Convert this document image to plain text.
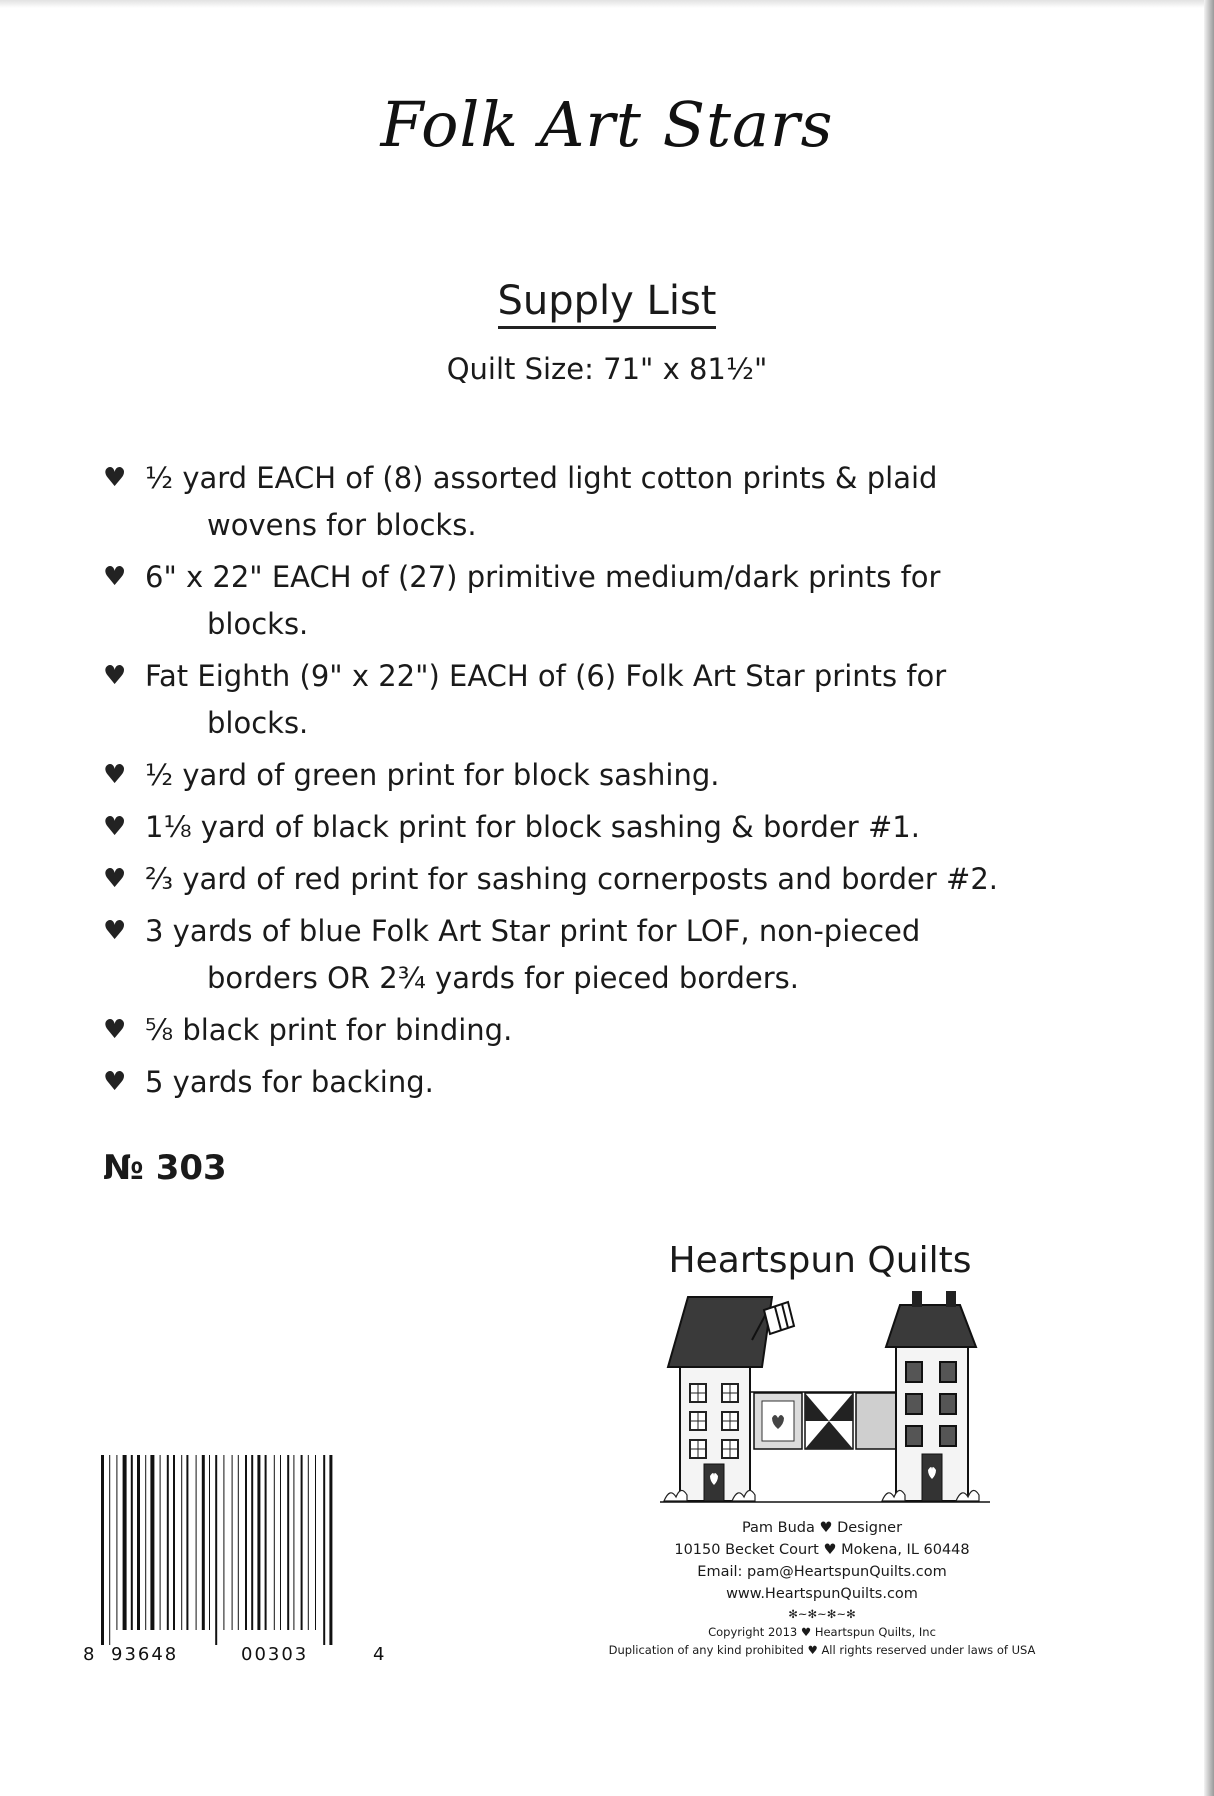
Folk Art Stars
Supply List
Quilt Size: 71" x 81½"
♥ ½ yard EACH of (8) assorted light cotton prints & plaid
wovens for blocks.
♥ 6" x 22" EACH of (27) primitive medium/dark prints for
blocks.
♥ Fat Eighth (9" x 22") EACH of (6) Folk Art Star prints for
blocks.
♥ ½ yard of green print for block sashing.
♥ 1⅛ yard of black print for block sashing & border #1.
♥ ⅔ yard of red print for sashing cornerposts and border #2.
♥ 3 yards of blue Folk Art Star print for LOF, non-pieced
borders OR 2¾ yards for pieced borders.
♥ ⅝ black print for binding.
♥ 5 yards for backing.
№ 303
Heartspun Quilts
Pam Buda ♥ Designer
10150 Becket Court ♥ Mokena, IL 60448
Email: pam@HeartspunQuilts.com
www.HeartspunQuilts.com
✻~✻~✻~✻
Copyright 2013 ♥ Heartspun Quilts, Inc
Duplication of any kind prohibited ♥ All rights reserved under laws of USA
8 93648	00303	4
